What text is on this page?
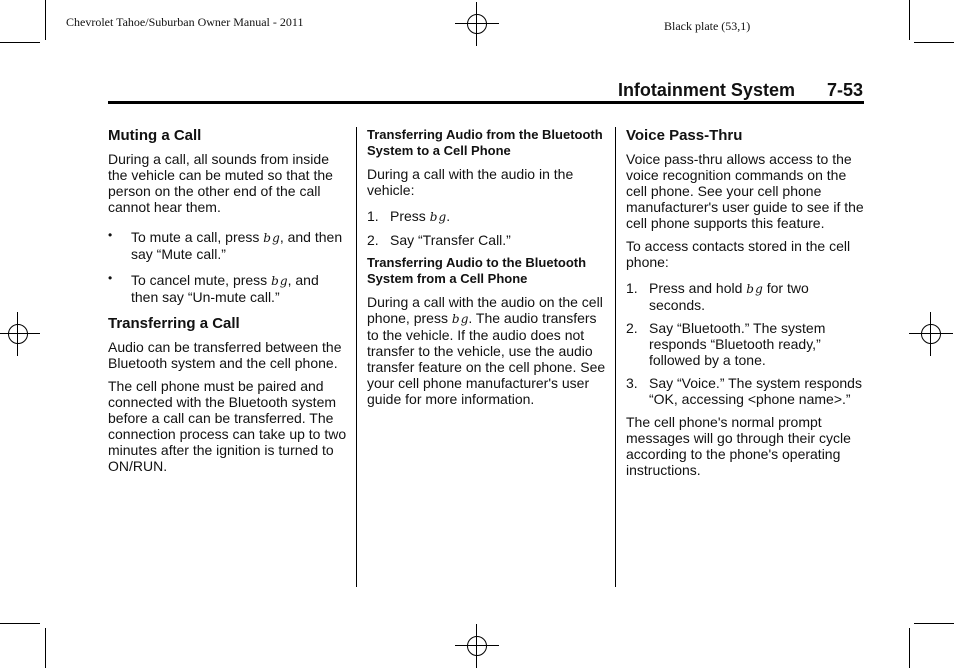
Chevrolet Tahoe/Suburban Owner Manual - 2011	Black plate (53,1)
Infotainment System 7-53
Muting a Call

During a call, all sounds from inside the vehicle can be muted so that the person on the other end of the call cannot hear them.

• To mute a call, press b g, and then say “Mute call.”
• To cancel mute, press b g, and then say “Un-mute call.”
Transferring a Call

Audio can be transferred between the Bluetooth system and the cell phone.

The cell phone must be paired and connected with the Bluetooth system before a call can be transferred. The connection process can take up to two minutes after the ignition is turned to ON/RUN.

Transferring Audio from the Bluetooth System to a Cell Phone

During a call with the audio in the vehicle:

1. Press b g.
2. Say “Transfer Call.”
Transferring Audio to the Bluetooth System from a Cell Phone

During a call with the audio on the cell phone, press b g. The audio transfers to the vehicle. If the audio does not transfer to the vehicle, use the audio transfer feature on the cell phone. See your cell phone manufacturer's user guide for more information.

Voice Pass-Thru

Voice pass-thru allows access to the voice recognition commands on the cell phone. See your cell phone manufacturer's user guide to see if the cell phone supports this feature.

To access contacts stored in the cell phone:

1. Press and hold b g for two seconds.
2. Say “Bluetooth.” The system responds “Bluetooth ready,” followed by a tone.
3. Say “Voice.” The system responds “OK, accessing <phone name>.”

The cell phone's normal prompt messages will go through their cycle according to the phone's operating instructions.
